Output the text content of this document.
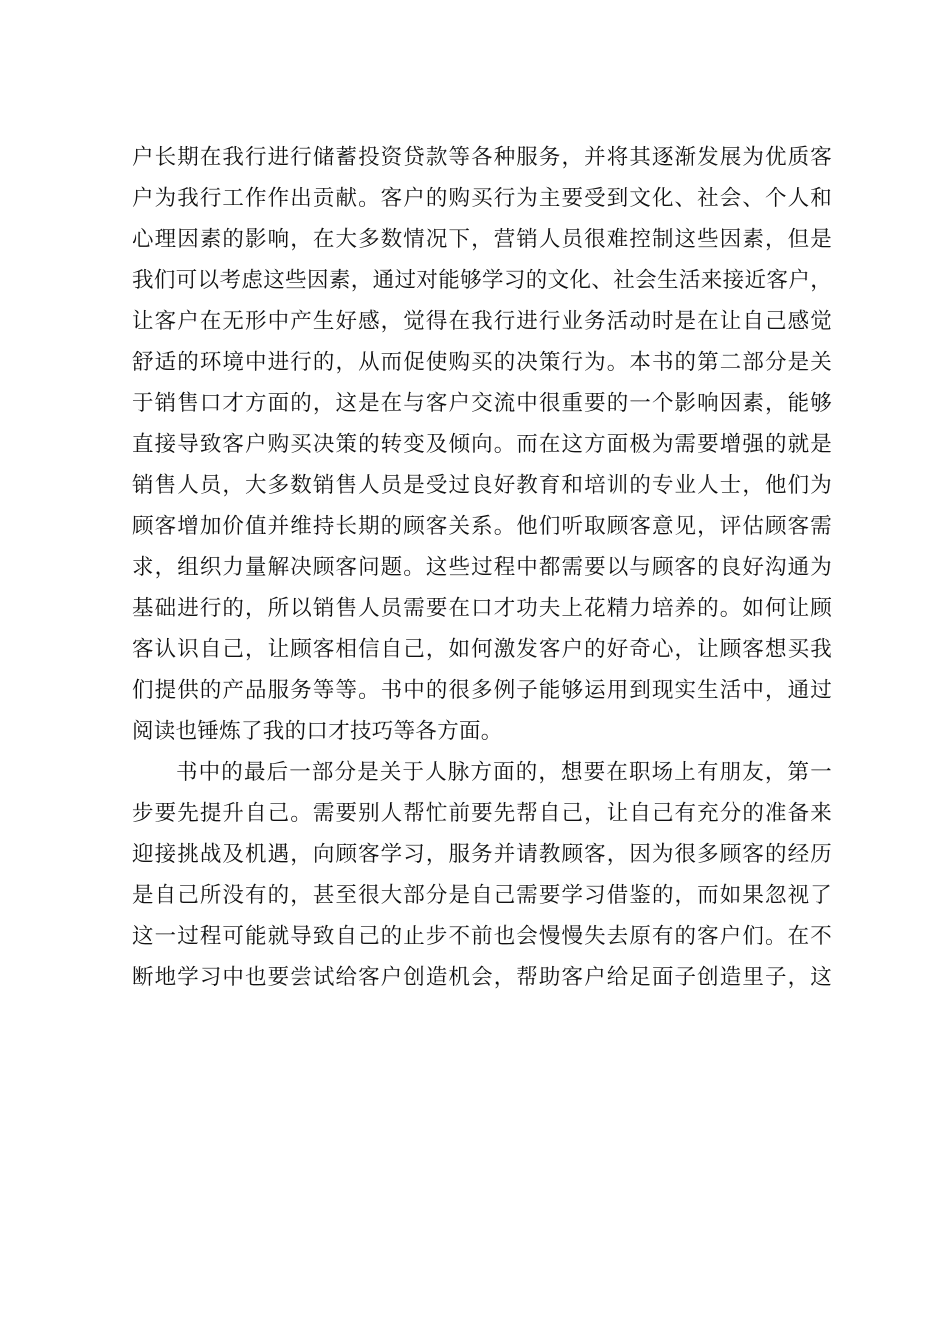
户长期在我行进行储蓄投资贷款等各种服务，并将其逐渐发展为优质客
户为我行工作作出贡献。客户的购买行为主要受到文化、社会、个人和
心理因素的影响，在大多数情况下，营销人员很难控制这些因素，但是
我们可以考虑这些因素，通过对能够学习的文化、社会生活来接近客户，
让客户在无形中产生好感，觉得在我行进行业务活动时是在让自己感觉
舒适的环境中进行的，从而促使购买的决策行为。本书的第二部分是关
于销售口才方面的，这是在与客户交流中很重要的一个影响因素，能够
直接导致客户购买决策的转变及倾向。而在这方面极为需要增强的就是
销售人员，大多数销售人员是受过良好教育和培训的专业人士，他们为
顾客增加价值并维持长期的顾客关系。他们听取顾客意见，评估顾客需
求，组织力量解决顾客问题。这些过程中都需要以与顾客的良好沟通为
基础进行的，所以销售人员需要在口才功夫上花精力培养的。如何让顾
客认识自己，让顾客相信自己，如何激发客户的好奇心，让顾客想买我
们提供的产品服务等等。书中的很多例子能够运用到现实生活中，通过
阅读也锤炼了我的口才技巧等各方面。
书中的最后一部分是关于人脉方面的，想要在职场上有朋友，第一
步要先提升自己。需要别人帮忙前要先帮自己，让自己有充分的准备来
迎接挑战及机遇，向顾客学习，服务并请教顾客，因为很多顾客的经历
是自己所没有的，甚至很大部分是自己需要学习借鉴的，而如果忽视了
这一过程可能就导致自己的止步不前也会慢慢失去原有的客户们。在不
断地学习中也要尝试给客户创造机会，帮助客户给足面子创造里子，这
